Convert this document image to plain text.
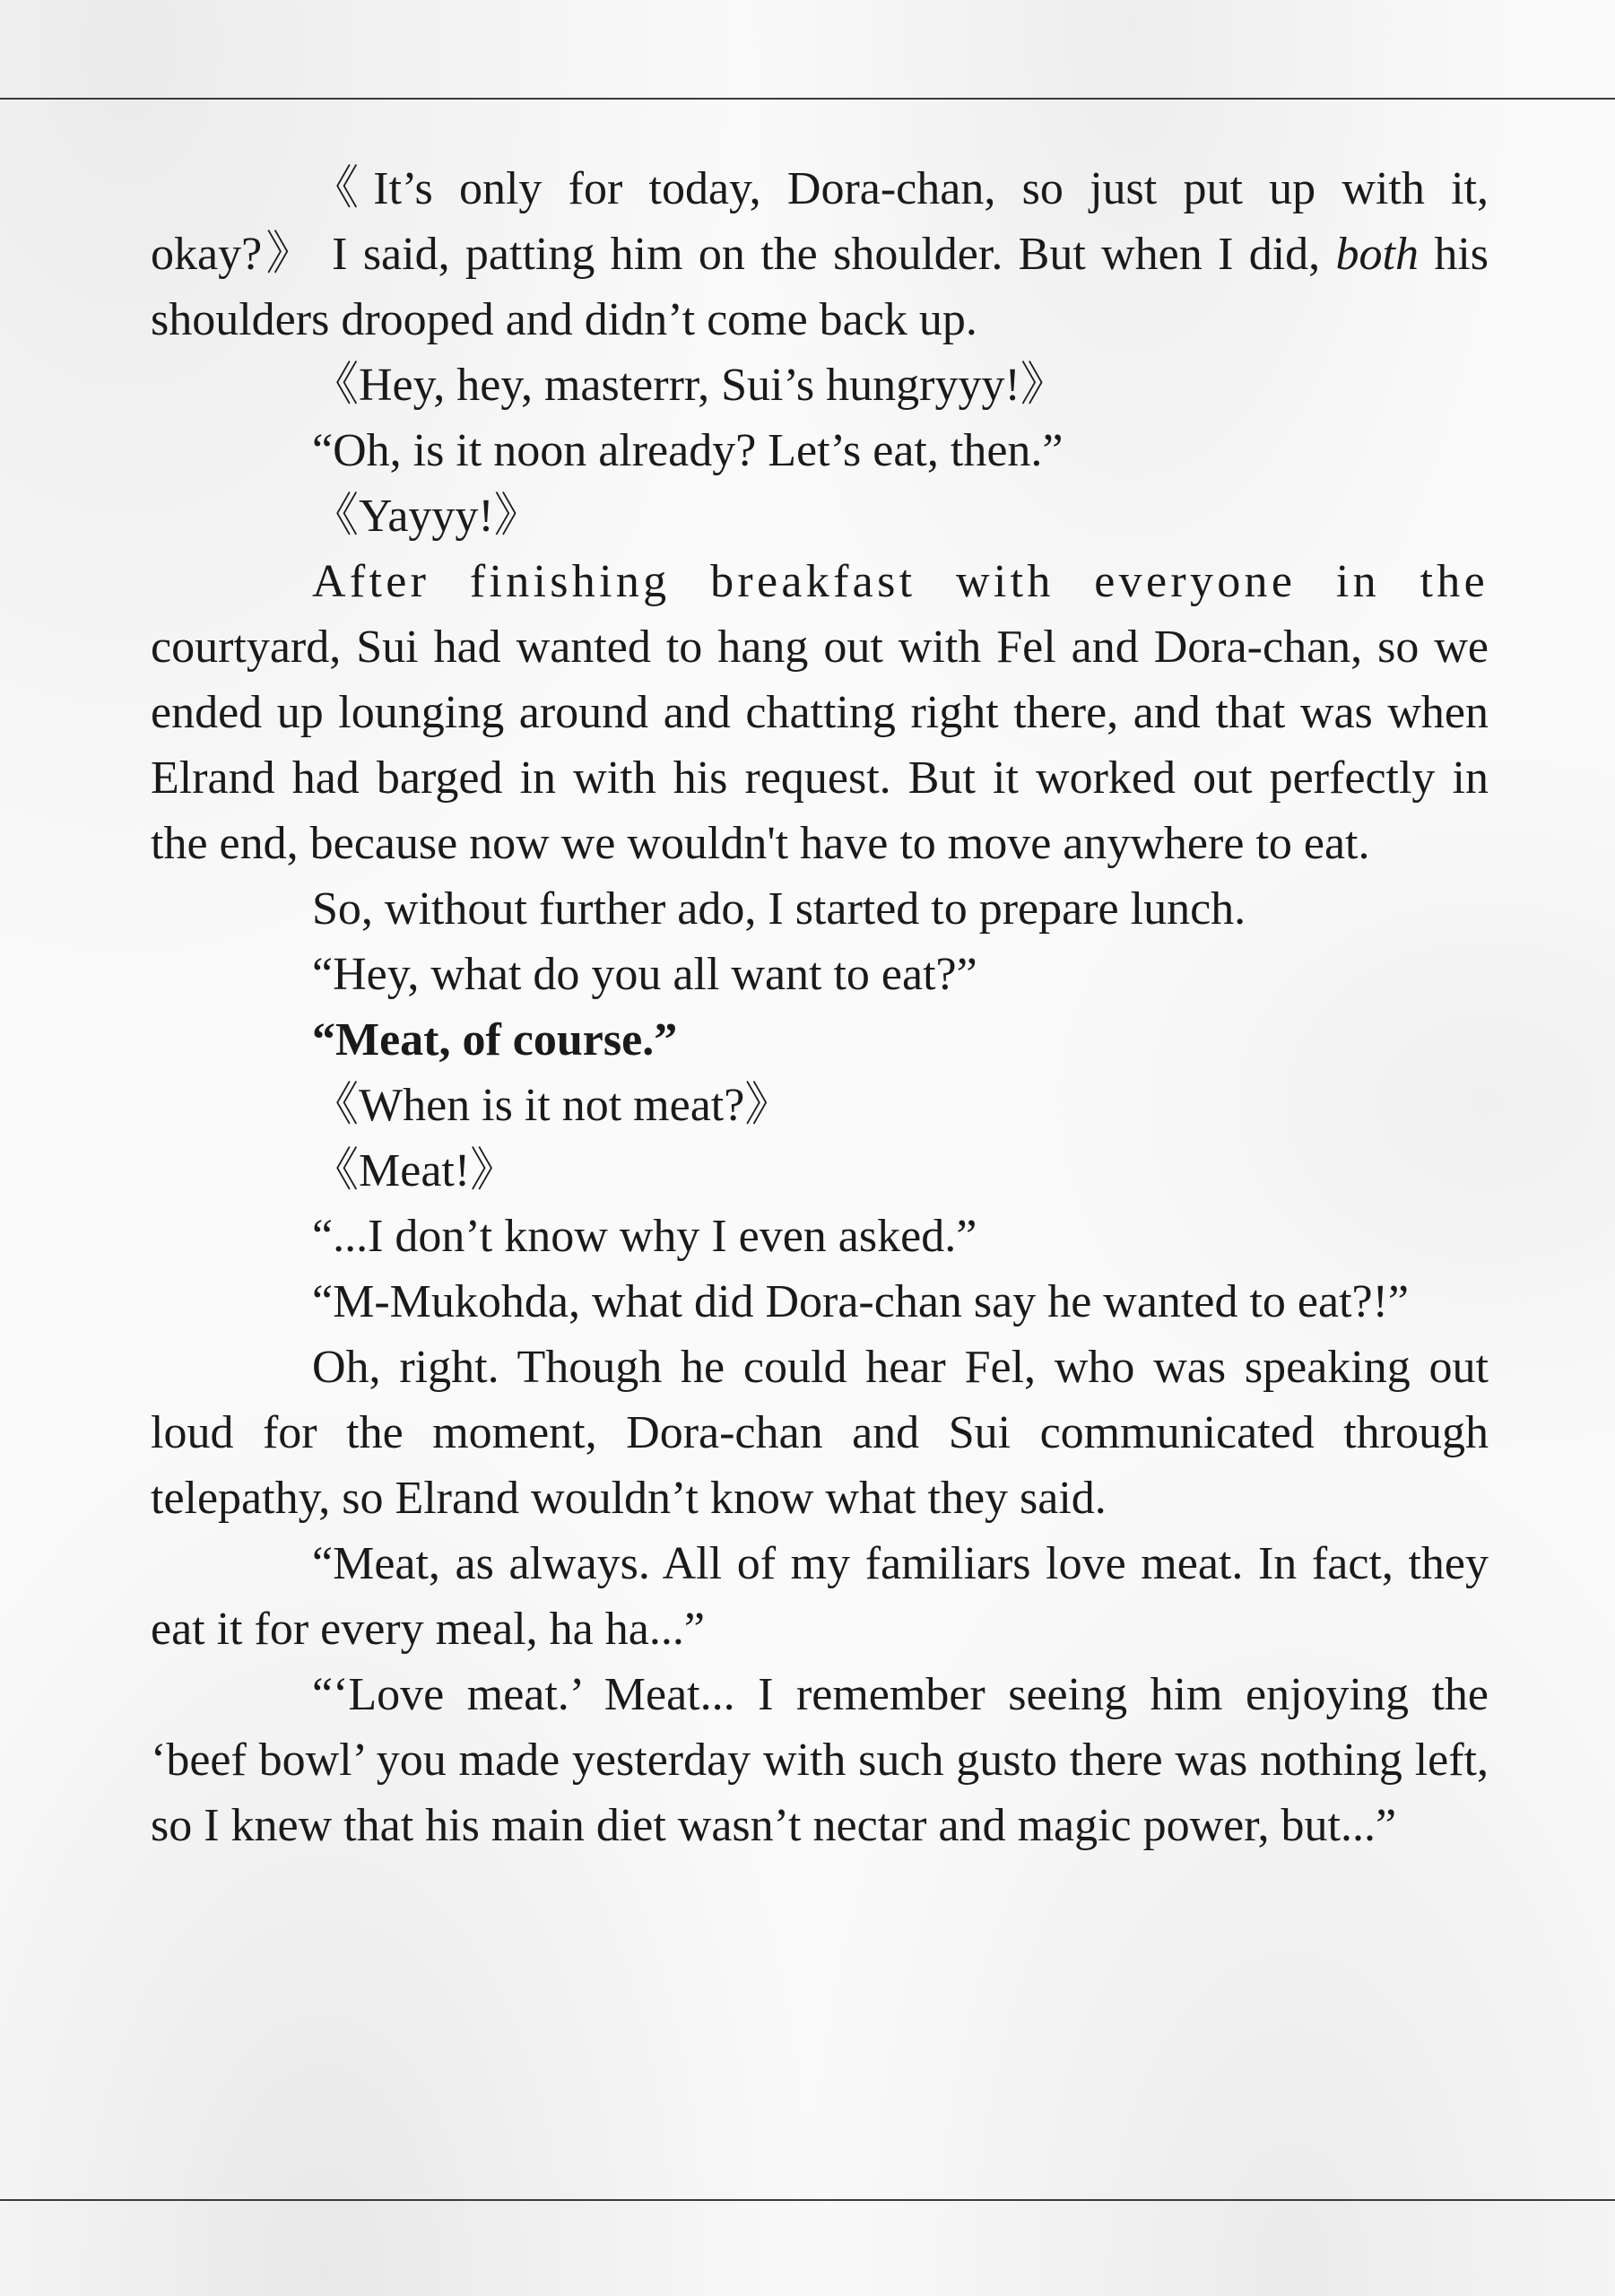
《It’s only for today, Dora-chan, so just put up with it, okay?》 I said, patting him on the shoulder. But when I did, both his shoulders drooped and didn’t come back up.

《Hey, hey, masterrr, Sui’s hungryyy!》

“Oh, is it noon already? Let’s eat, then.”

《Yayyy!》

After finishing breakfast with everyone in the courtyard, Sui had wanted to hang out with Fel and Dora-chan, so we ended up lounging around and chatting right there, and that was when Elrand had barged in with his request. But it worked out perfectly in the end, because now we wouldn't have to move anywhere to eat.

So, without further ado, I started to prepare lunch.

“Hey, what do you all want to eat?”

“Meat, of course.”

《When is it not meat?》

《Meat!》

“...I don’t know why I even asked.”

“M-Mukohda, what did Dora-chan say he wanted to eat?!”

Oh, right. Though he could hear Fel, who was speaking out loud for the moment, Dora-chan and Sui communicated through telepathy, so Elrand wouldn’t know what they said.

“Meat, as always. All of my familiars love meat. In fact, they eat it for every meal, ha ha...”

“‘Love meat.’ Meat... I remember seeing him enjoying the ‘beef bowl’ you made yesterday with such gusto there was nothing left, so I knew that his main diet wasn’t nectar and magic power, but...”
